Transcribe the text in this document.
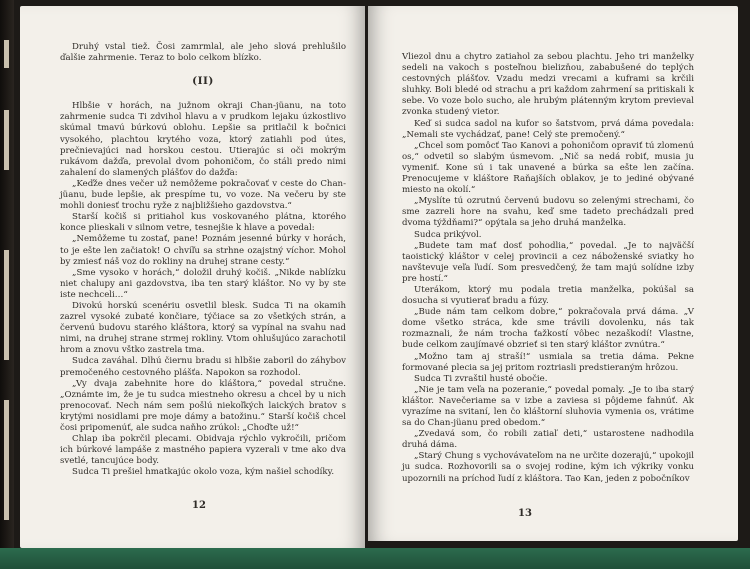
Druhý vstal tiež. Čosi zamrmlal, ale jeho slová prehlušilo ďalšie zahrmenie. Teraz to bolo celkom blízko.

(II)

Hlbšie v horách, na južnom okraji Chan-jüanu, na toto zahrmenie sudca Ti zdvihol hlavu a v prudkom lejaku úzkostlivo skúmal tmavú búrkovú oblohu. Lepšie sa pritlačil k bočnici vysokého, plachtou krytého voza, ktorý zatiahli pod útes, prečnievajúci nad horskou cestou. Utierajúc si oči mokrým rukávom dažďa, prevolal dvom pohoničom, čo stáli predo nimi zahalení do slamených plášťov do dažďa:

„Keďže dnes večer už nemôžeme pokračovať v ceste do Chan-jüanu, bude lepšie, ak prespíme tu, vo voze. Na večeru by ste mohli doniesť trochu ryže z najbližšieho gazdovstva.“

Starší kočiš si pritiahol kus voskovaného plátna, ktorého konce plieskali v silnom vetre, tesnejšie k hlave a povedal:

„Nemôžeme tu zostať, pane! Poznám jesenné búrky v horách, to je ešte len začiatok! O chvíľu sa strhne ozajstný víchor. Mohol by zmiesť náš voz do rokliny na druhej strane cesty.“

„Sme vysoko v horách,“ doložil druhý kočiš. „Nikde nablízku niet chalupy ani gazdovstva, iba ten starý kláštor. No vy by ste iste nechceli…“

Divokú horskú scenériu osvetlil blesk. Sudca Ti na okamih zazrel vysoké zubaté končiare, týčiace sa zo všetkých strán, a červenú budovu starého kláštora, ktorý sa vypínal na svahu nad nimi, na druhej strane strmej rokliny. Vtom ohlušujúco zarachotil hrom a znovu vštko zastrela tma.

Sudca zaváhal. Dlhú čiernu bradu si hlbšie zaboril do záhybov premočeného cestovného plášťa. Napokon sa rozhodol.

„Vy dvaja zabehnite hore do kláštora,“ povedal stručne. „Oznámte im, že je tu sudca miestneho okresu a chcel by u nich prenocovať. Nech nám sem pošlú niekoľkých laických bratov s krytými nosidlami pre moje dámy a batožinu.“ Starší kočiš chcel čosi pripomenúť, ale sudca naňho zrúkol: „Choďte už!“

Chlap iba pokrčil plecami. Obidvaja rýchlo vykročili, pričom ich búrkové lampáše z mastného papiera vyzerali v tme ako dva svetlé, tancujúce body.

Sudca Ti prešiel hmatkajúc okolo voza, kým našiel schodíky.

12

Vliezol dnu a chytro zatiahol za sebou plachtu. Jeho tri manželky sedeli na vakoch s posteľnou bielizňou, zababušené do teplých cestovných plášťov. Vzadu medzi vrecami a kuframi sa krčili sluhky. Boli bledé od strachu a pri každom zahrmení sa pritiskali k sebe. Vo voze bolo sucho, ale hrubým plátenným krytom previeval zvonka studený vietor.

Keď si sudca sadol na kufor so šatstvom, prvá dáma povedala: „Nemali ste vychádzať, pane! Celý ste premočený.“

„Chcel som pomôcť Tao Kanovi a pohoničom opraviť tú zlomenú os,“ odvetil so slabým úsmevom. „Nič sa nedá robiť, musia ju vymeniť. Kone sú i tak unavené a búrka sa ešte len začína. Prenocujeme v kláštore Raňajších oblakov, je to jediné obývané miesto na okolí.“

„Myslíte tú ozrutnú červenú budovu so zelenými strechami, čo sme zazreli hore na svahu, keď sme tadeto prechádzali pred dvoma týždňami?“ opýtala sa jeho druhá manželka.

Sudca prikývol.

„Budete tam mať dosť pohodlia,“ povedal. „Je to najväčší taoistický kláštor v celej provincii a cez náboženské sviatky ho navštevuje veľa ľudí. Som presvedčený, že tam majú solídne izby pre hostí.“

Uterákom, ktorý mu podala tretia manželka, pokúšal sa dosucha si vyutierať bradu a fúzy.

„Bude nám tam celkom dobre,“ pokračovala prvá dáma. „V dome všetko stráca, kde sme trávili dovolenku, nás tak rozmaznali, že nám trocha ťažkostí vôbec nezaškodí! Vlastne, bude celkom zaujímavé obzrieť si ten starý kláštor zvnútra.“

„Možno tam aj straší!“ usmiala sa tretia dáma. Pekne formované plecia sa jej pritom roztriasli predstieraným hrôzou.

Sudca Ti zvraštil husté obočie.

„Nie je tam veľa na pozeranie,“ povedal pomaly. „Je to iba starý kláštor. Navečeriame sa v izbe a zaviesa si pôjdeme fahnúť. Ak vyrazíme na svitaní, len čo kláštorní sluhovia vymenia os, vrátime sa do Chan-jüanu pred obedom.“

„Zvedavá som, čo robili zatiaľ deti,“ ustarostene nadhodila druhá dáma.

„Starý Chung s vychovávateľom na ne určite dozerajú,“ upokojil ju sudca. Rozhovorili sa o svojej rodine, kým ich výkriky vonku upozornili na príchod ľudí z kláštora. Tao Kan, jeden z pobočníkov

13
